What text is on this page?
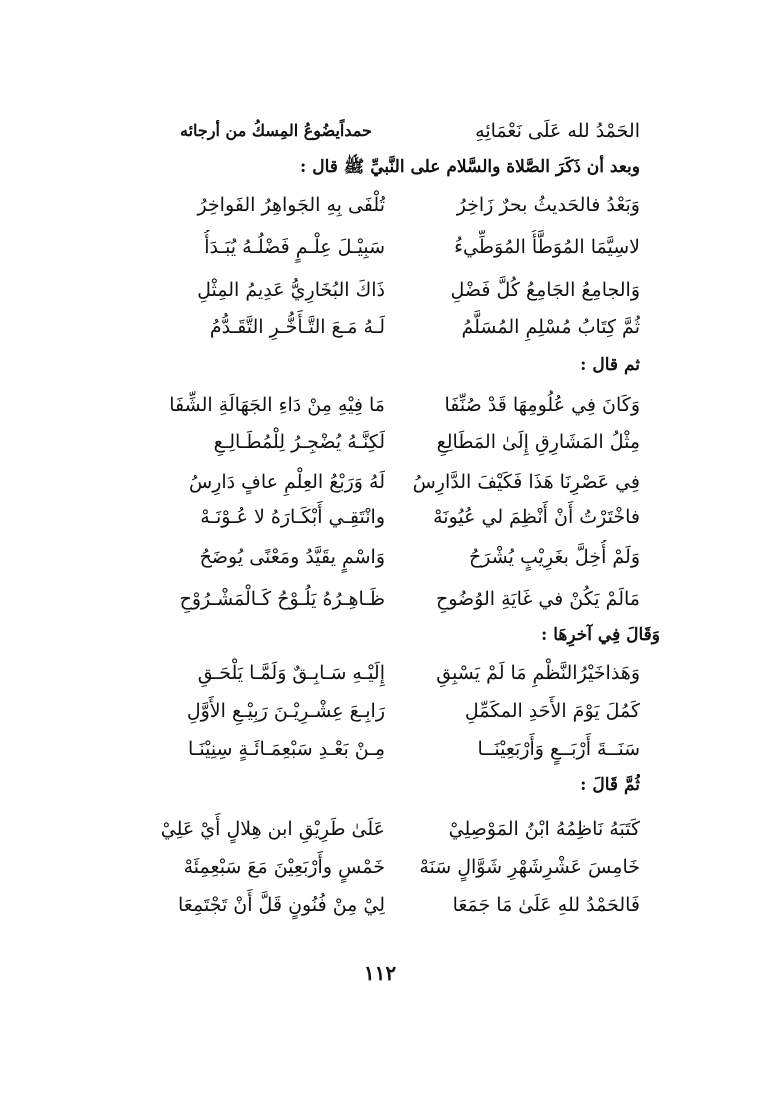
الحَمْدُ لله عَلَى نَعْمَائِهِ
حمداًيضُوعُ المِسكُ من أرجائه
وبعد أن ذَكَرَ الصَّلاة والسَّلام على النَّبيِّ ﷺ قال :
وَبَعْدُ فالحَديثُ بحرٌ زَاخِرُ
تُلْفَى بِهِ الجَواهِرُ الفَواخِرُ
لاسِيَّمَا المُوَطَّأُ المُوَطِّيءُ
سَبِيْـلَ عِلْـمٍ فَضْلُـهُ يُبَـدَأُ
وَالجامِعُ الجَامِعُ كُلَّ فَضْلِ
ذَاكَ البُخَارِيُّ عَدِيمُ المِثْلِ
ثُمَّ كِتَابُ مُسْلِمِ المُسَلَّمُ
لَـهُ مَـعَ التَّـأَخُّـرِ التَّقَـدُّمُ
ثم قال :
وَكَانَ فِي عُلُومِهَا قَدْ صُنِّفَا
مَا فِيْهِ مِنْ دَاءِ الجَهَالَةِ الشِّفَا
مِثْلُ المَشَارِقِ إِلَىٰ المَطَالِعِ
لَكِنَّـهُ يُضْجِـرُ لِلْمُطَـالِـعِ
فِي عَصْرِنَا هَذَا فَكَيْفَ الدَّارِسُ
لَهُ وَرَبْعُ العِلْمِ عافٍ دَارِسُ
فاخْتَرْتُ أَنْ أَنْظِمَ لي عُيُونَهْ
وانْتَقِـي أَبْكَـارَهُ لا عُـوْنَـهْ
وَلَمْ أُخِلَّ بغَرِيْبٍ يُشْرَحُ
وَاسْمٍ يقَيَّدُ ومَعْنًى يُوضَحُ
مَالَمْ يَكُنْ في غَايَةِ الوُضُوحِ
ظَـاهِـرُهُ يَلُـوْحُ كَـالْمَشْـرُوْحِ
وَقَالَ فِي آخرِهَا :
وَهَذاخَيْرُالنَّظْمِ مَا لَمْ يَسْبِقِ
إِلَيْـهِ سَـابِـقٌ وَلَمَّـا يَلْحَـقِ
كَمُلَ يَوْمَ الأَحَدِ المكَمِّلِ
رَابِـعَ عِشْـرِيْـنَ رَبِيْـعِ الأَوَّلِ
سَنَــةَ أَرْبَــعٍ وَأَرْبَعِيْنَــا
مِـنْ بَعْـدِ سَبْعِمَـائَـةٍ سِنِيْنَـا
ثُمَّ قَالَ :
كَتَبَهُ نَاظِمُهُ ابْنُ المَوْصِلِيْ
عَلَىٰ طَرِيْقِ ابن هِلالٍ أَيْ عَلِيْ
خَامِسَ عَشْرِشَهْرِ شَوَّالٍ سَنَهْ
خَمْسٍ وأَرْبَعِيْنَ مَعَ سَبْعِمِئَهْ
فَالحَمْدُ للهِ عَلَىٰ مَا جَمَعَا
لِيْ مِنْ فُنُونٍ قَلَّ أَنْ تَجْتَمِعَا
١١٢
